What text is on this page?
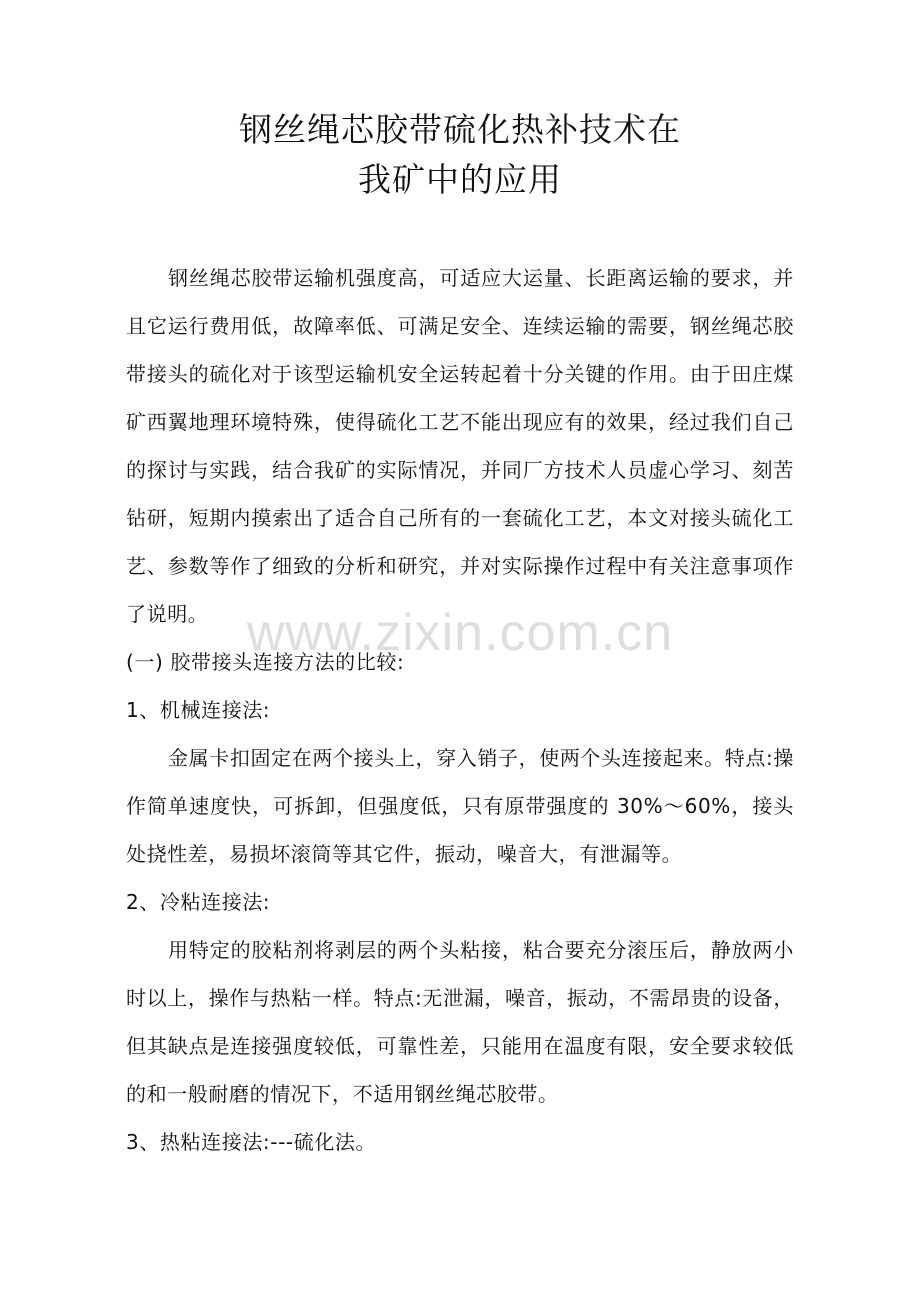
钢丝绳芯胶带硫化热补技术在
我矿中的应用
钢丝绳芯胶带运输机强度高，可适应大运量、长距离运输的要求，并且它运行费用低，故障率低、可满足安全、连续运输的需要，钢丝绳芯胶带接头的硫化对于该型运输机安全运转起着十分关键的作用。由于田庄煤矿西翼地理环境特殊，使得硫化工艺不能出现应有的效果，经过我们自己的探讨与实践，结合我矿的实际情况，并同厂方技术人员虚心学习、刻苦钻研，短期内摸索出了适合自己所有的一套硫化工艺，本文对接头硫化工艺、参数等作了细致的分析和研究，并对实际操作过程中有关注意事项作了说明。
(一) 胶带接头连接方法的比较:
1、机械连接法:
金属卡扣固定在两个接头上，穿入销子，使两个头连接起来。特点:操作简单速度快，可拆卸，但强度低，只有原带强度的 30%～60%，接头处挠性差，易损坏滚筒等其它件，振动，噪音大，有泄漏等。
2、冷粘连接法:
用特定的胶粘剂将剥层的两个头粘接，粘合要充分滚压后，静放两小时以上，操作与热粘一样。特点:无泄漏，噪音，振动，不需昂贵的设备，但其缺点是连接强度较低，可靠性差，只能用在温度有限，安全要求较低的和一般耐磨的情况下，不适用钢丝绳芯胶带。
3、热粘连接法:---硫化法。
www.zixin.com.cn
